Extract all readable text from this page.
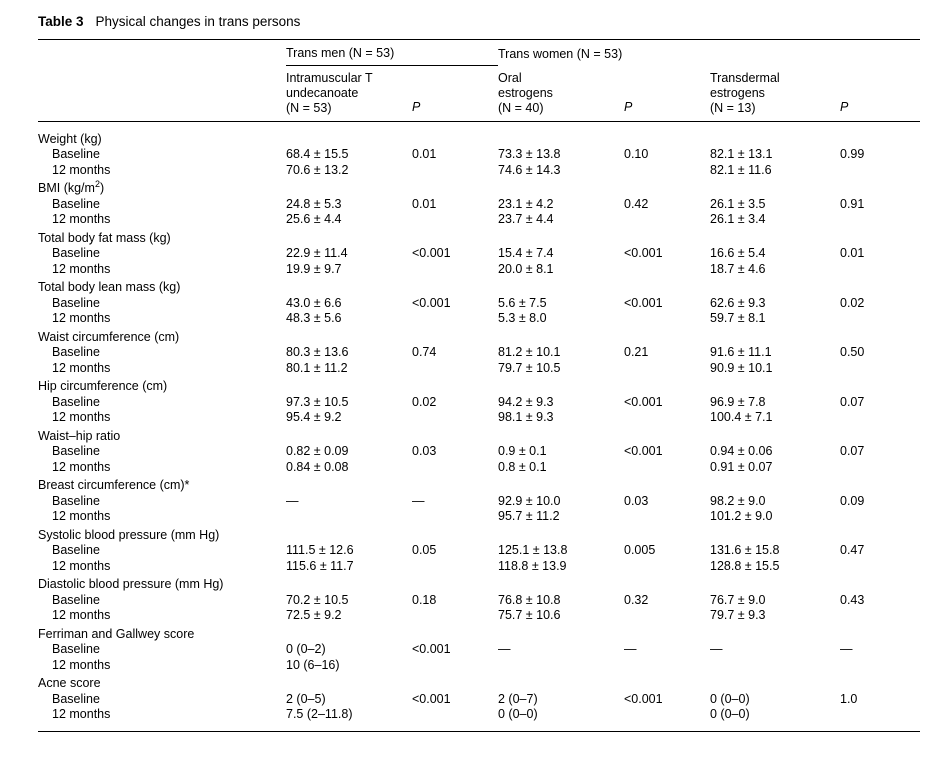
Table 3 Physical changes in trans persons

	Trans men (N = 53)		Trans women (N = 53)			
	Intramuscular T
undecanoate
(N = 53)	P	Oral
estrogens
(N = 40)	P	Transdermal
estrogens
(N = 13)	P

Weight (kg)						
Baseline	68.4 ± 15.5	0.01	73.3 ± 13.8	0.10	82.1 ± 13.1	0.99
12 months	70.6 ± 13.2		74.6 ± 14.3		82.1 ± 11.6	
BMI $(kg/m^2)$						
Baseline	24.8 ± 5.3	0.01	23.1 ± 4.2	0.42	26.1 ± 3.5	0.91
12 months	25.6 ± 4.4		23.7 ± 4.4		26.1 ± 3.4	
Total body fat mass (kg)						
Baseline	22.9 ± 11.4	<0.001	15.4 ± 7.4	<0.001	16.6 ± 5.4	0.01
12 months	19.9 ± 9.7		20.0 ± 8.1		18.7 ± 4.6	
Total body lean mass (kg)						
Baseline	43.0 ± 6.6	<0.001	5.6 ± 7.5	<0.001	62.6 ± 9.3	0.02
12 months	48.3 ± 5.6		5.3 ± 8.0		59.7 ± 8.1	
Waist circumference (cm)						
Baseline	80.3 ± 13.6	0.74	81.2 ± 10.1	0.21	91.6 ± 11.1	0.50
12 months	80.1 ± 11.2		79.7 ± 10.5		90.9 ± 10.1	
Hip circumference (cm)						
Baseline	97.3 ± 10.5	0.02	94.2 ± 9.3	<0.001	96.9 ± 7.8	0.07
12 months	95.4 ± 9.2		98.1 ± 9.3		100.4 ± 7.1	
Waist–hip ratio						
Baseline	0.82 ± 0.09	0.03	0.9 ± 0.1	<0.001	0.94 ± 0.06	0.07
12 months	0.84 ± 0.08		0.8 ± 0.1		0.91 ± 0.07	
Breast circumference (cm)*						
Baseline	—	—	92.9 ± 10.0	0.03	98.2 ± 9.0	0.09
12 months			95.7 ± 11.2		101.2 ± 9.0	
Systolic blood pressure (mm Hg)						
Baseline	111.5 ± 12.6	0.05	125.1 ± 13.8	0.005	131.6 ± 15.8	0.47
12 months	115.6 ± 11.7		118.8 ± 13.9		128.8 ± 15.5	
Diastolic blood pressure (mm Hg)						
Baseline	70.2 ± 10.5	0.18	76.8 ± 10.8	0.32	76.7 ± 9.0	0.43
12 months	72.5 ± 9.2		75.7 ± 10.6		79.7 ± 9.3	
Ferriman and Gallwey score						
Baseline	0 (0–2)	<0.001	—	—	—	—
12 months	10 (6–16)					
Acne score						
Baseline	2 (0–5)	<0.001	2 (0–7)	<0.001	0 (0–0)	1.0
12 months	7.5 (2–11.8)		0 (0–0)		0 (0–0)	
